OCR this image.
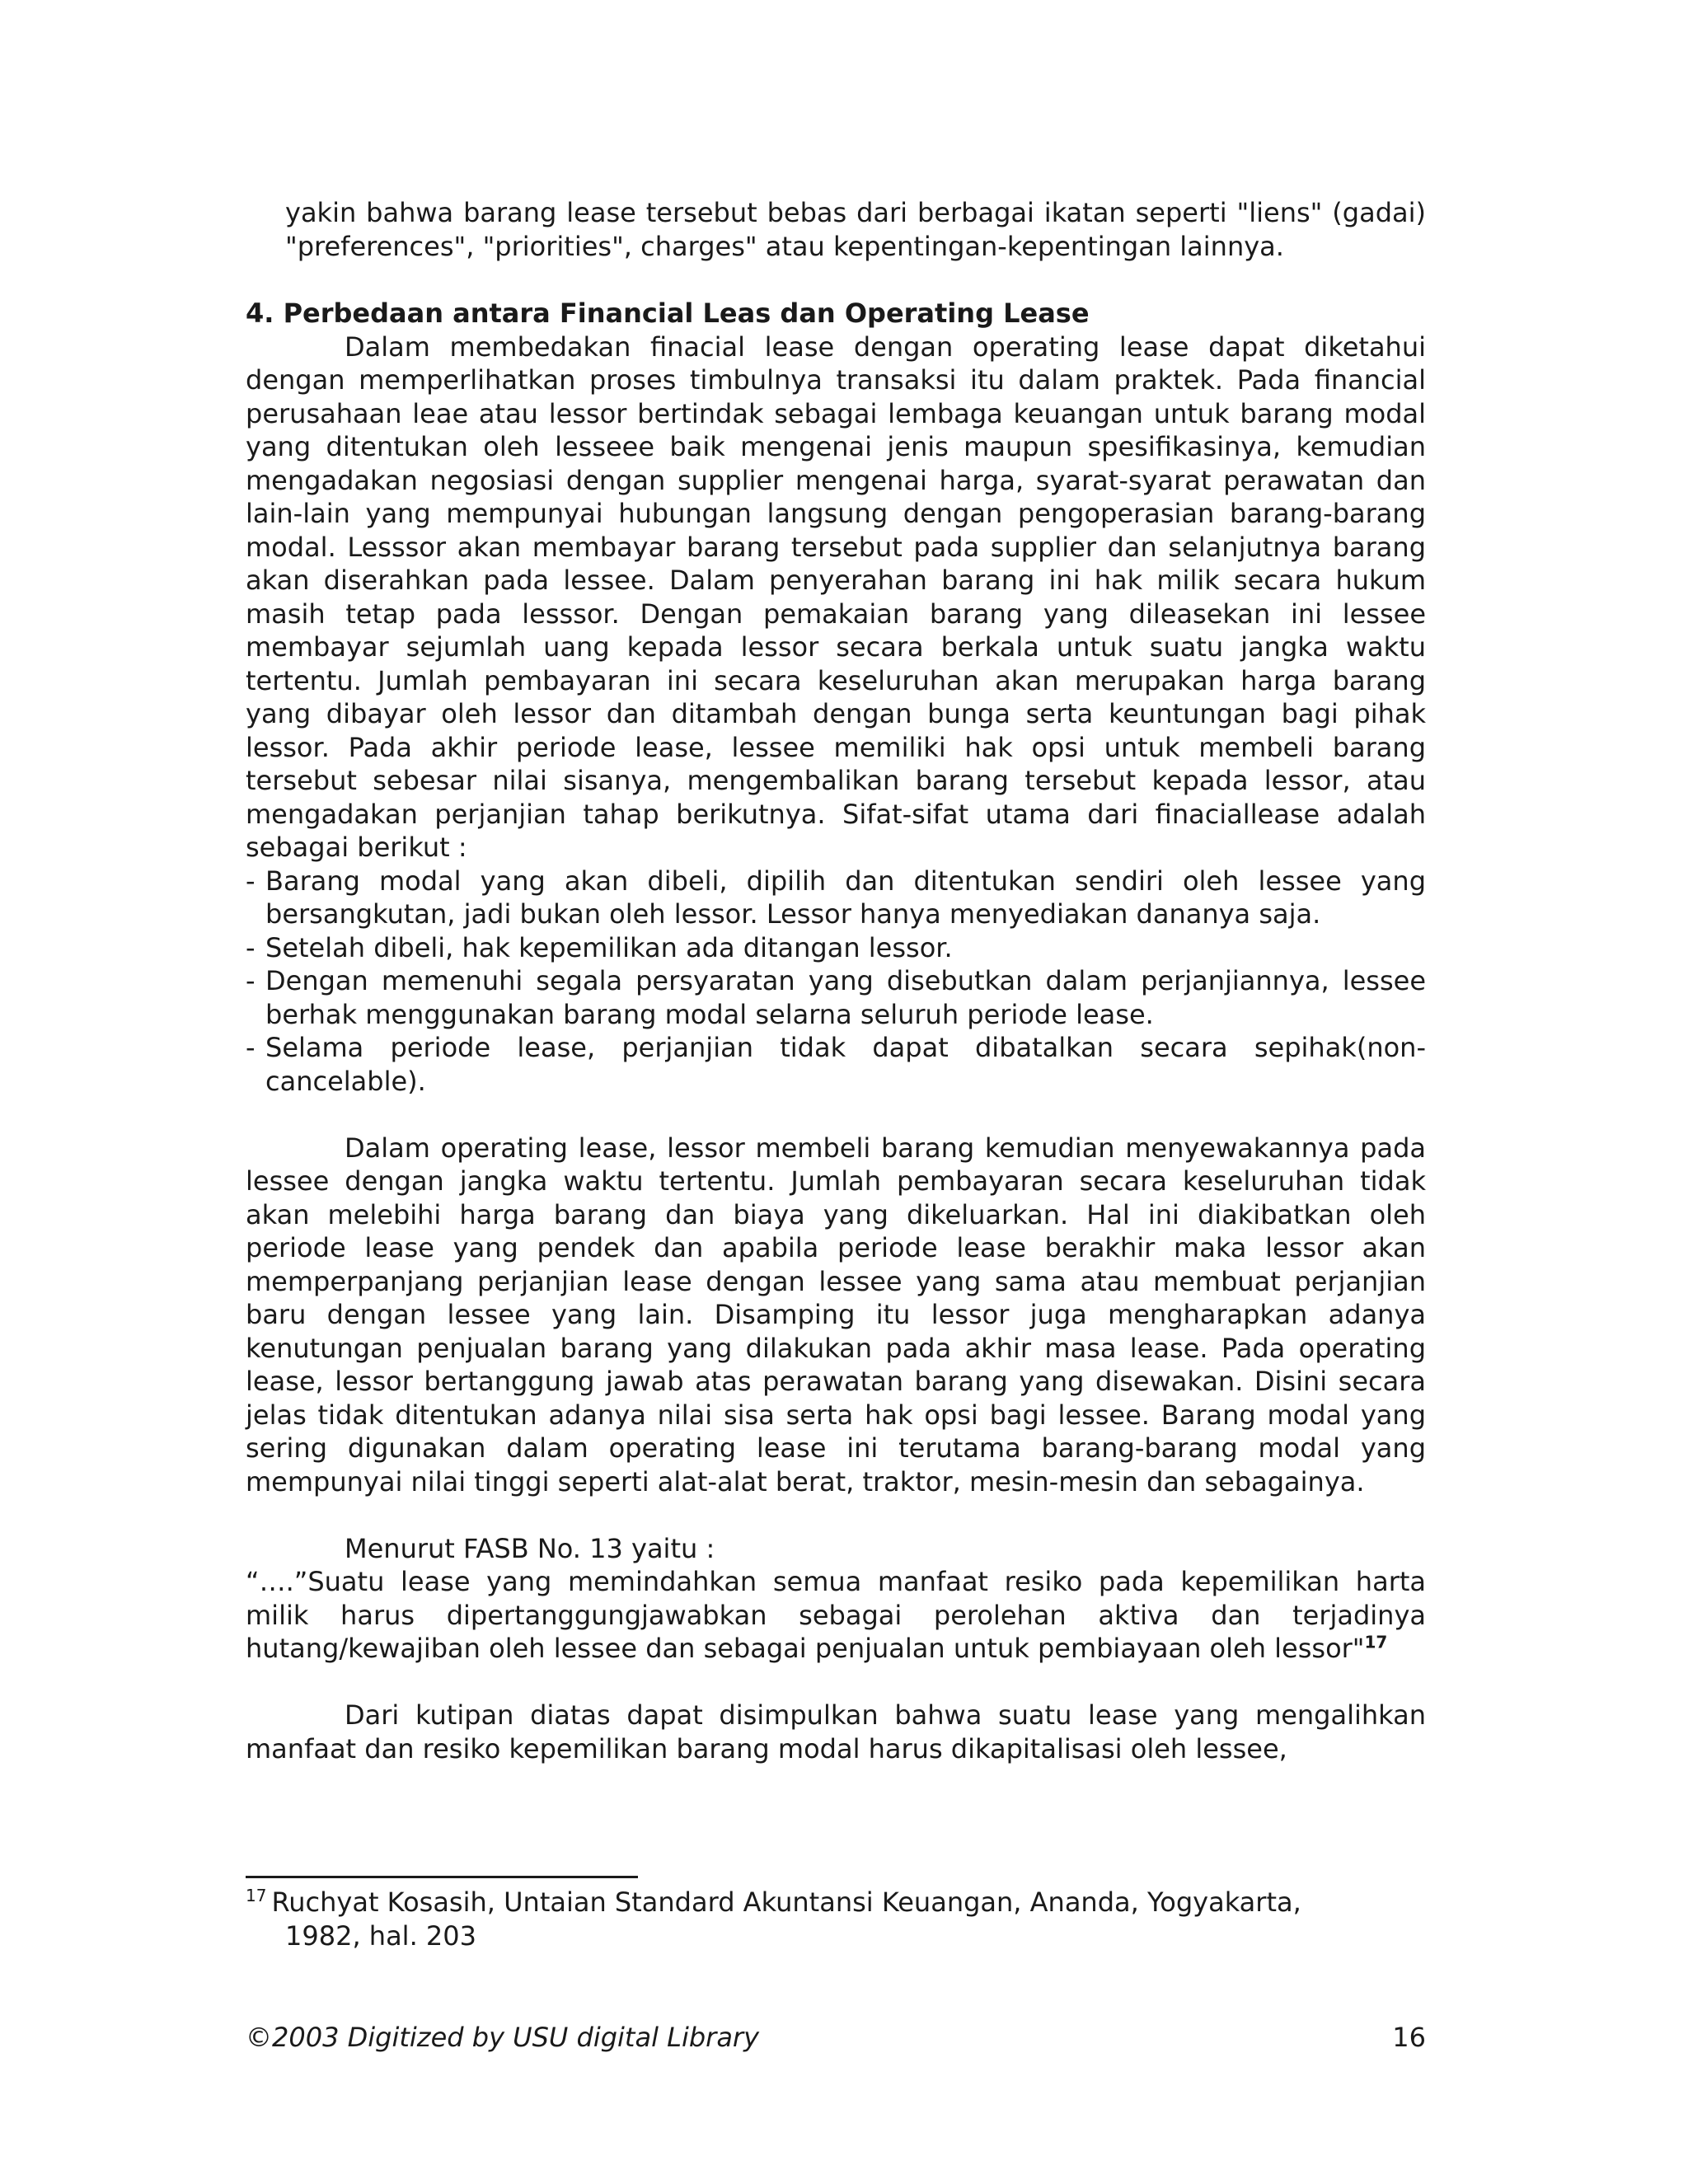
yakin bahwa barang lease tersebut bebas dari berbagai ikatan seperti "liens" (gadai) "preferences", "priorities", charges" atau kepentingan-kepentingan lainnya.

4. Perbedaan antara Financial Leas dan Operating Lease

Dalam membedakan finacial lease dengan operating lease dapat diketahui dengan memperlihatkan proses timbulnya transaksi itu dalam praktek. Pada financial perusahaan leae atau lessor bertindak sebagai lembaga keuangan untuk barang modal yang ditentukan oleh lesseee baik mengenai jenis maupun spesifikasinya, kemudian mengadakan negosiasi dengan supplier mengenai harga, syarat-syarat perawatan dan lain-lain yang mempunyai hubungan langsung dengan pengoperasian barang-barang modal. Lesssor akan membayar barang tersebut pada supplier dan selanjutnya barang akan diserahkan pada lessee. Dalam penyerahan barang ini hak milik secara hukum masih tetap pada lesssor. Dengan pemakaian barang yang dileasekan ini lessee membayar sejumlah uang kepada lessor secara berkala untuk suatu jangka waktu tertentu. Jumlah pembayaran ini secara keseluruhan akan merupakan harga barang yang dibayar oleh lessor dan ditambah dengan bunga serta keuntungan bagi pihak lessor. Pada akhir periode lease, lessee memiliki hak opsi untuk membeli barang tersebut sebesar nilai sisanya, mengembalikan barang tersebut kepada lessor, atau mengadakan perjanjian tahap berikutnya. Sifat-sifat utama dari finaciallease adalah sebagai berikut :

- Barang modal yang akan dibeli, dipilih dan ditentukan sendiri oleh lessee yang bersangkutan, jadi bukan oleh lessor. Lessor hanya menyediakan dananya saja.
- Setelah dibeli, hak kepemilikan ada ditangan lessor.
- Dengan memenuhi segala persyaratan yang disebutkan dalam perjanjiannya, lessee berhak menggunakan barang modal selarna seluruh periode lease.
- Selama periode lease, perjanjian tidak dapat dibatalkan secara sepihak(non-cancelable).

Dalam operating lease, lessor membeli barang kemudian menyewakannya pada lessee dengan jangka waktu tertentu. Jumlah pembayaran secara keseluruhan tidak akan melebihi harga barang dan biaya yang dikeluarkan. Hal ini diakibatkan oleh periode lease yang pendek dan apabila periode lease berakhir maka lessor akan memperpanjang perjanjian lease dengan lessee yang sama atau membuat perjanjian baru dengan lessee yang lain. Disamping itu lessor juga mengharapkan adanya kenutungan penjualan barang yang dilakukan pada akhir masa lease. Pada operating lease, lessor bertanggung jawab atas perawatan barang yang disewakan. Disini secara jelas tidak ditentukan adanya nilai sisa serta hak opsi bagi lessee. Barang modal yang sering digunakan dalam operating lease ini terutama barang-barang modal yang mempunyai nilai tinggi seperti alat-alat berat, traktor, mesin-mesin dan sebagainya.

Menurut FASB No. 13 yaitu :

“….”Suatu lease yang memindahkan semua manfaat resiko pada kepemilikan harta milik harus dipertanggungjawabkan sebagai perolehan aktiva dan terjadinya hutang/kewajiban oleh lessee dan sebagai penjualan untuk pembiayaan oleh lessor"$^{17}$

Dari kutipan diatas dapat disimpulkan bahwa suatu lease yang mengalihkan manfaat dan resiko kepemilikan barang modal harus dikapitalisasi oleh lessee,

$^{17}$ Ruchyat Kosasih, Untaian Standard Akuntansi Keuangan, Ananda, Yogyakarta,
1982, hal. 203
©2003 Digitized by USU digital Library	16
